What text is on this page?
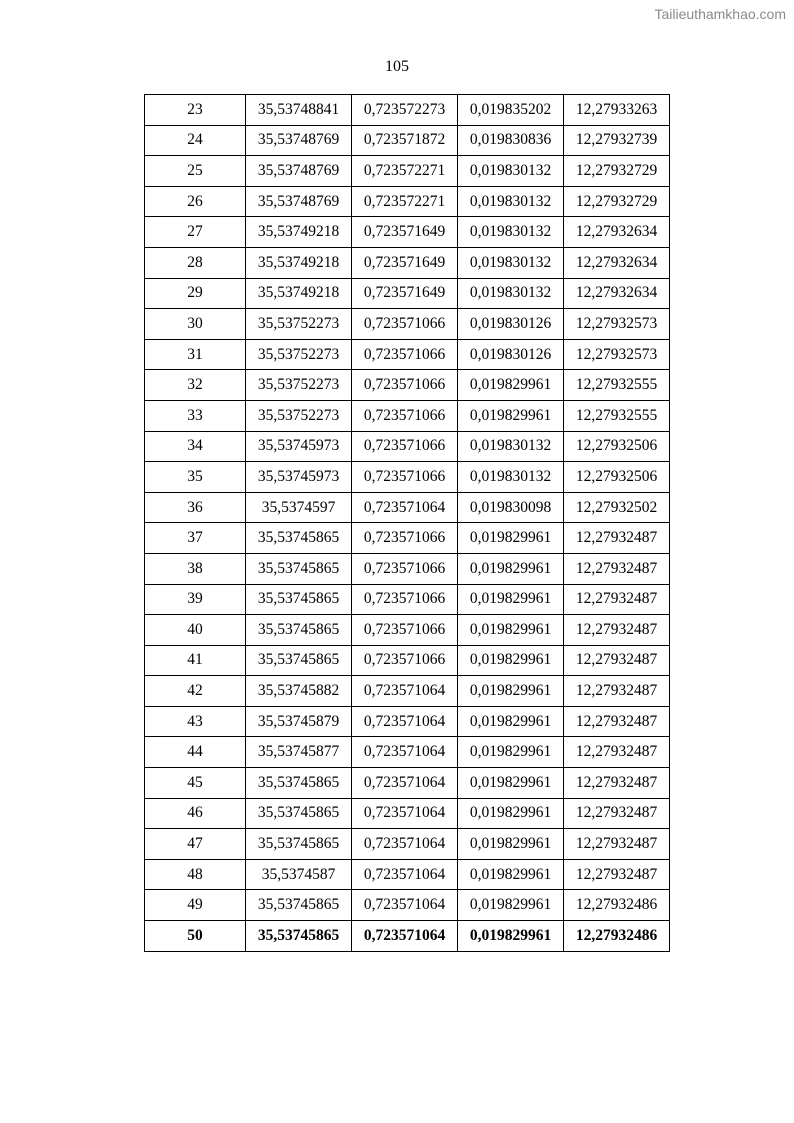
Tailieuthamkhao.com
105
23	35,53748841	0,723572273	0,019835202	12,27933263
24	35,53748769	0,723571872	0,019830836	12,27932739
25	35,53748769	0,723572271	0,019830132	12,27932729
26	35,53748769	0,723572271	0,019830132	12,27932729
27	35,53749218	0,723571649	0,019830132	12,27932634
28	35,53749218	0,723571649	0,019830132	12,27932634
29	35,53749218	0,723571649	0,019830132	12,27932634
30	35,53752273	0,723571066	0,019830126	12,27932573
31	35,53752273	0,723571066	0,019830126	12,27932573
32	35,53752273	0,723571066	0,019829961	12,27932555
33	35,53752273	0,723571066	0,019829961	12,27932555
34	35,53745973	0,723571066	0,019830132	12,27932506
35	35,53745973	0,723571066	0,019830132	12,27932506
36	35,5374597	0,723571064	0,019830098	12,27932502
37	35,53745865	0,723571066	0,019829961	12,27932487
38	35,53745865	0,723571066	0,019829961	12,27932487
39	35,53745865	0,723571066	0,019829961	12,27932487
40	35,53745865	0,723571066	0,019829961	12,27932487
41	35,53745865	0,723571066	0,019829961	12,27932487
42	35,53745882	0,723571064	0,019829961	12,27932487
43	35,53745879	0,723571064	0,019829961	12,27932487
44	35,53745877	0,723571064	0,019829961	12,27932487
45	35,53745865	0,723571064	0,019829961	12,27932487
46	35,53745865	0,723571064	0,019829961	12,27932487
47	35,53745865	0,723571064	0,019829961	12,27932487
48	35,5374587	0,723571064	0,019829961	12,27932487
49	35,53745865	0,723571064	0,019829961	12,27932486
50	35,53745865	0,723571064	0,019829961	12,27932486
